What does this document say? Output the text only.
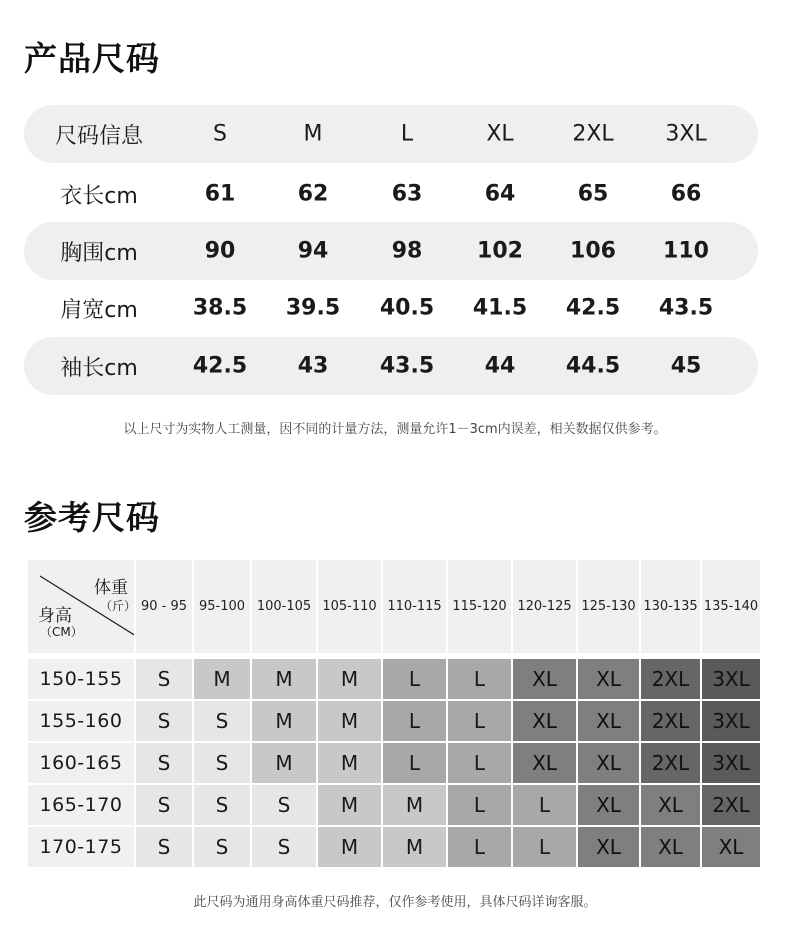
产品尺码
尺码信息	S	M	L	XL	2XL	3XL
衣长cm	61	62	63	64	65	66
胸围cm	90	94	98	102	106	110
肩宽cm	38.5	39.5	40.5	41.5	42.5	43.5
袖长cm	42.5	43	43.5	44	44.5	45
以上尺寸为实物人工测量，因不同的计量方法，测量允许1－3cm内误差，相关数据仅供参考。
参考尺码
体重
（斤）
身高
（CM）
90 - 95 95-100 100-105 105-110 110-115 115-120 120-125 125-130 130-135 135-140
150-155	S	M	M	M	L	L	XL	XL	2XL	3XL
155-160	S	S	M	M	L	L	XL	XL	2XL	3XL
160-165	S	S	M	M	L	L	XL	XL	2XL	3XL
165-170	S	S	S	M	M	L	L	XL	XL	2XL
170-175	S	S	S	M	M	L	L	XL	XL	XL
此尺码为通用身高体重尺码推荐，仅作参考使用，具体尺码详询客服。
